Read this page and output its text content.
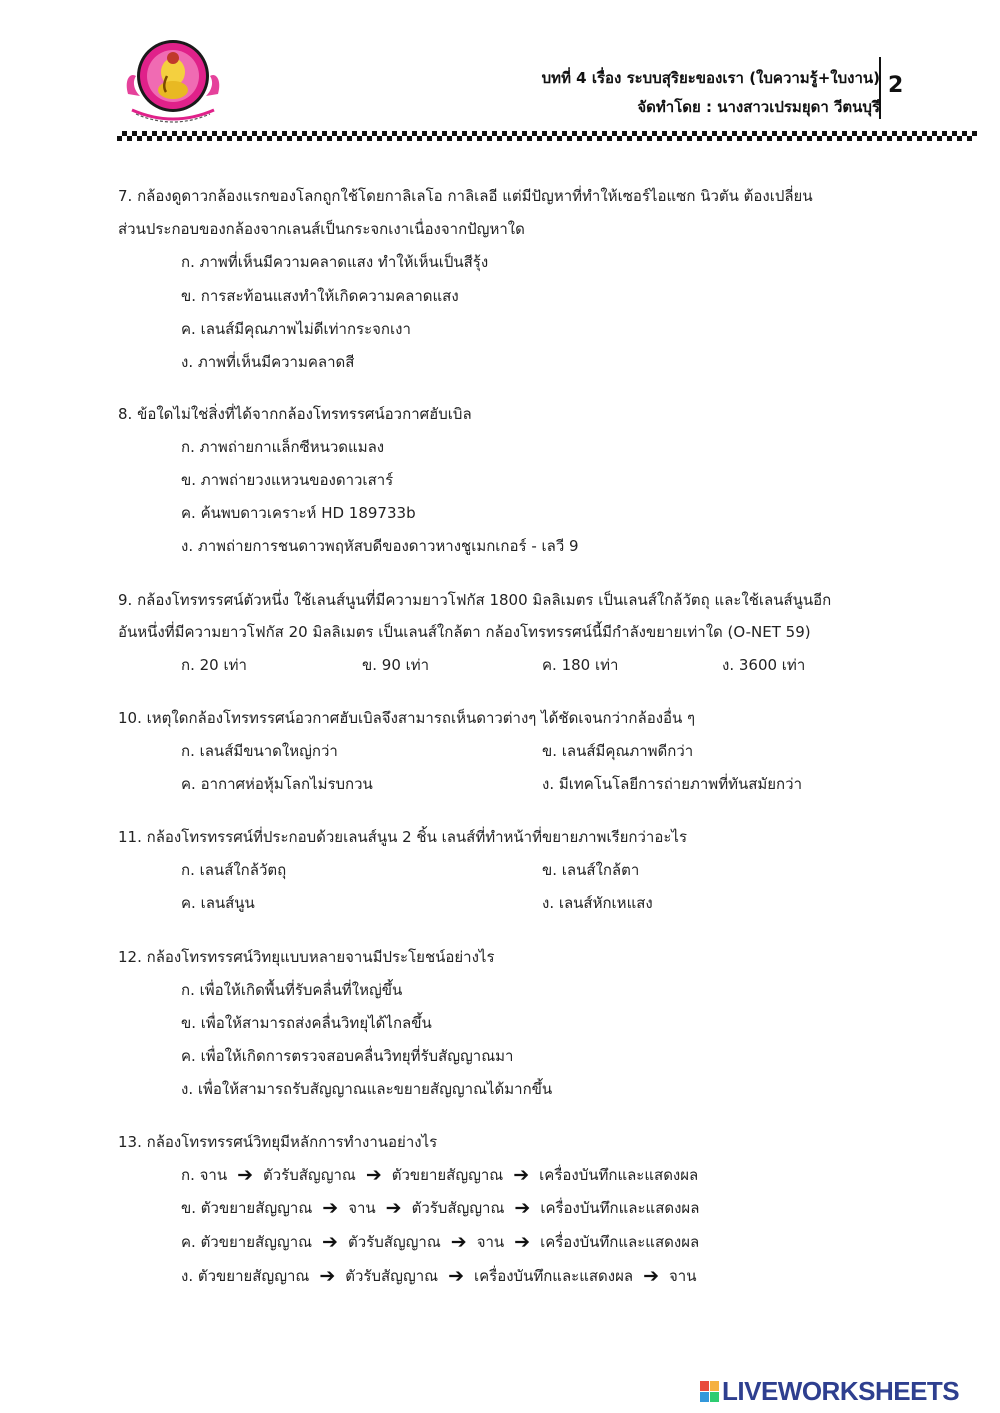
บทที่ 4 เรื่อง ระบบสุริยะของเรา (ใบความรู้+ใบงาน)
จัดทำโดย : นางสาวเปรมยุดา วีตนบุรี
2
7. กล้องดูดาวกล้องแรกของโลกถูกใช้โดยกาลิเลโอ กาลิเลอี แต่มีปัญหาที่ทำให้เซอร์ไอแซก นิวตัน ต้องเปลี่ยน
ส่วนประกอบของกล้องจากเลนส์เป็นกระจกเงาเนื่องจากปัญหาใด
ก. ภาพที่เห็นมีความคลาดแสง ทำให้เห็นเป็นสีรุ้ง
ข. การสะท้อนแสงทำให้เกิดความคลาดแสง
ค. เลนส์มีคุณภาพไม่ดีเท่ากระจกเงา
ง. ภาพที่เห็นมีความคลาดสี
8. ข้อใดไม่ใช่สิ่งที่ได้จากกล้องโทรทรรศน์อวกาศฮับเบิล
ก. ภาพถ่ายกาแล็กซีหนวดแมลง
ข. ภาพถ่ายวงแหวนของดาวเสาร์
ค. ค้นพบดาวเคราะห์ HD 189733b
ง. ภาพถ่ายการชนดาวพฤหัสบดีของดาวหางชูเมกเกอร์ - เลวี 9
9. กล้องโทรทรรศน์ตัวหนึ่ง ใช้เลนส์นูนที่มีความยาวโฟกัส 1800 มิลลิเมตร เป็นเลนส์ใกล้วัตถุ และใช้เลนส์นูนอีก
อันหนึ่งที่มีความยาวโฟกัส 20 มิลลิเมตร เป็นเลนส์ใกล้ตา กล้องโทรทรรศน์นี้มีกำลังขยายเท่าใด (O-NET 59)
ก. 20 เท่า	ข. 90 เท่า	ค. 180 เท่า	ง. 3600 เท่า
10. เหตุใดกล้องโทรทรรศน์อวกาศฮับเบิลจึงสามารถเห็นดาวต่างๆ ได้ชัดเจนกว่ากล้องอื่น ๆ
ก. เลนส์มีขนาดใหญ่กว่า	ข. เลนส์มีคุณภาพดีกว่า
ค. อากาศห่อหุ้มโลกไม่รบกวน	ง. มีเทคโนโลยีการถ่ายภาพที่ทันสมัยกว่า
11. กล้องโทรทรรศน์ที่ประกอบด้วยเลนส์นูน 2 ชิ้น เลนส์ที่ทำหน้าที่ขยายภาพเรียกว่าอะไร
ก. เลนส์ใกล้วัตถุ	ข. เลนส์ใกล้ตา
ค. เลนส์นูน	ง. เลนส์หักเหแสง
12. กล้องโทรทรรศน์วิทยุแบบหลายจานมีประโยชน์อย่างไร
ก. เพื่อให้เกิดพื้นที่รับคลื่นที่ใหญ่ขึ้น
ข. เพื่อให้สามารถส่งคลื่นวิทยุได้ไกลขึ้น
ค. เพื่อให้เกิดการตรวจสอบคลื่นวิทยุที่รับสัญญาณมา
ง. เพื่อให้สามารถรับสัญญาณและขยายสัญญาณได้มากขึ้น
13. กล้องโทรทรรศน์วิทยุมีหลักการทำงานอย่างไร
ก. จาน ➔ ตัวรับสัญญาณ ➔ ตัวขยายสัญญาณ ➔ เครื่องบันทึกและแสดงผล
ข. ตัวขยายสัญญาณ ➔ จาน ➔ ตัวรับสัญญาณ ➔ เครื่องบันทึกและแสดงผล
ค. ตัวขยายสัญญาณ ➔ ตัวรับสัญญาณ ➔ จาน ➔ เครื่องบันทึกและแสดงผล
ง. ตัวขยายสัญญาณ ➔ ตัวรับสัญญาณ ➔ เครื่องบันทึกและแสดงผล ➔ จาน
LIVEWORKSHEETS
